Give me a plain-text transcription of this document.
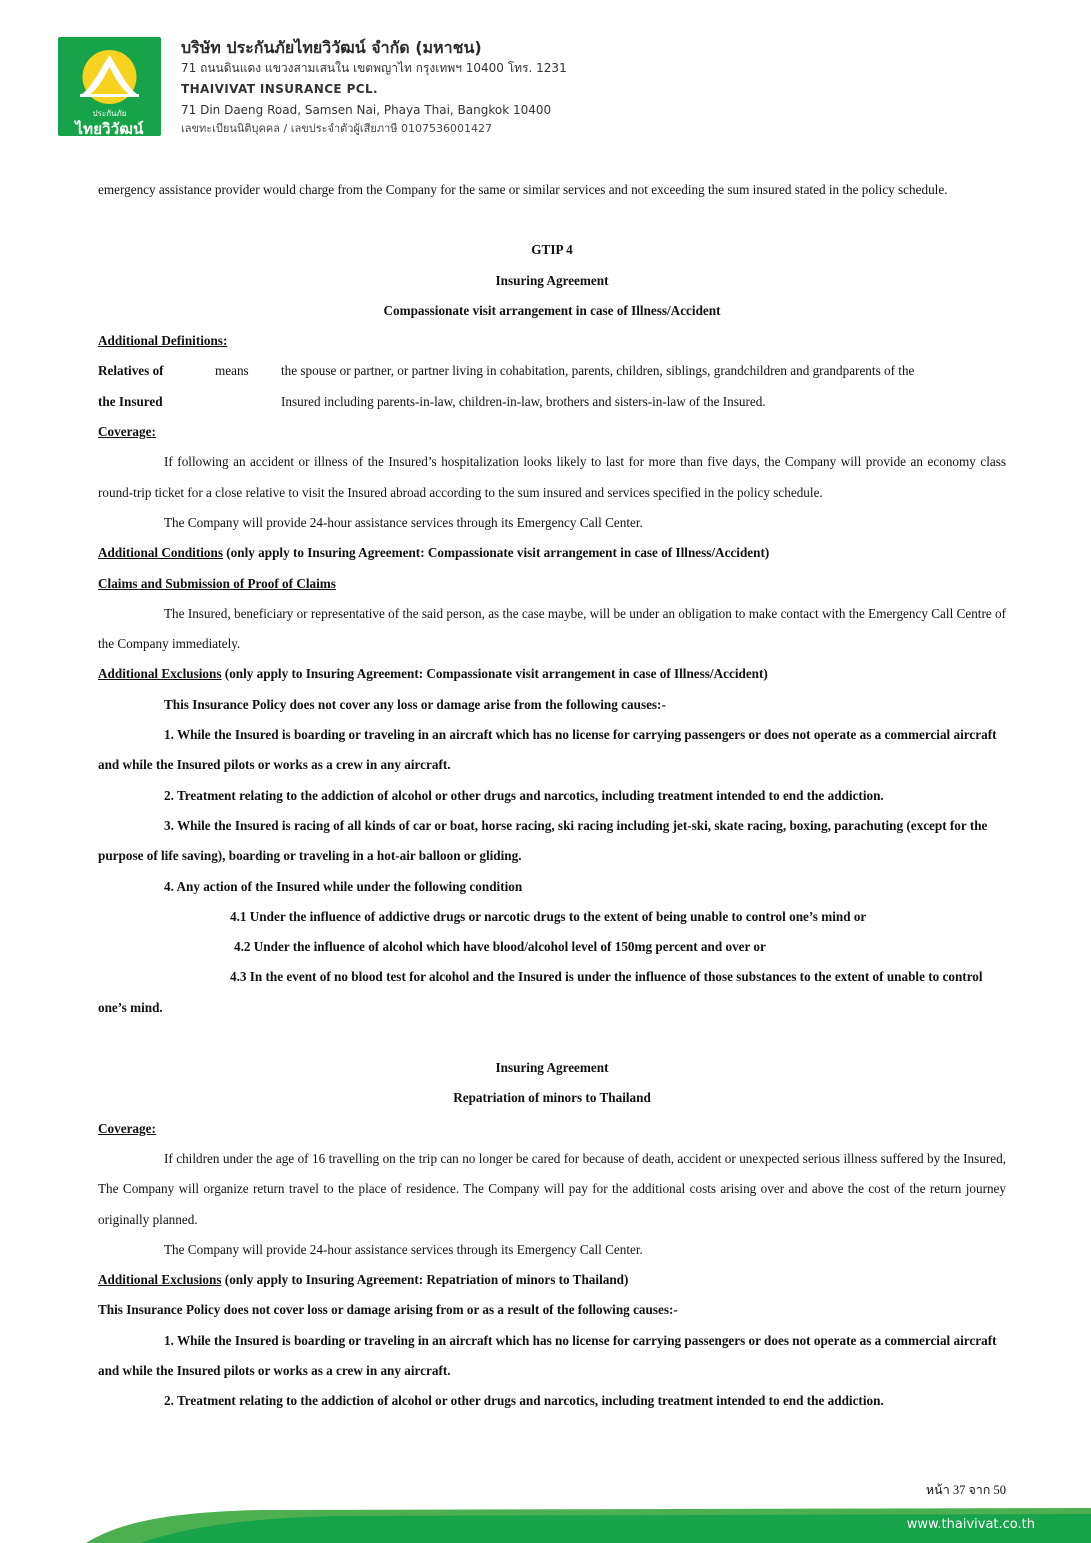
ประกันภัย
ไทยวิวัฒน์
บริษัท ประกันภัยไทยวิวัฒน์ จำกัด (มหาชน)
71 ถนนดินแดง แขวงสามเสนใน เขตพญาไท กรุงเทพฯ 10400 โทร. 1231
THAIVIVAT INSURANCE PCL.
71 Din Daeng Road, Samsen Nai, Phaya Thai, Bangkok 10400
เลขทะเบียนนิติบุคคล / เลขประจำตัวผู้เสียภาษี 0107536001427

emergency assistance provider would charge from the Company for the same or similar services and not exceeding the sum insured stated in the policy schedule.

GTIP 4

Insuring Agreement

Compassionate visit arrangement in case of Illness/Accident

Additional Definitions:

Relatives of	means	the spouse or partner, or partner living in cohabitation, parents, children, siblings, grandchildren and grandparents of the
the Insured	Insured including parents-in-law, children-in-law, brothers and sisters-in-law of the Insured.

Coverage:

If following an accident or illness of the Insured’s hospitalization looks likely to last for more than five days, the Company will provide an economy class round-trip ticket for a close relative to visit the Insured abroad according to the sum insured and services specified in the policy schedule.

The Company will provide 24-hour assistance services through its Emergency Call Center.

Additional Conditions (only apply to Insuring Agreement: Compassionate visit arrangement in case of Illness/Accident)

Claims and Submission of Proof of Claims

The Insured, beneficiary or representative of the said person, as the case maybe, will be under an obligation to make contact with the Emergency Call Centre of the Company immediately.

Additional Exclusions (only apply to Insuring Agreement: Compassionate visit arrangement in case of Illness/Accident)

This Insurance Policy does not cover any loss or damage arise from the following causes:-

1. While the Insured is boarding or traveling in an aircraft which has no license for carrying passengers or does not operate as a commercial aircraft and while the Insured pilots or works as a crew in any aircraft.

2. Treatment relating to the addiction of alcohol or other drugs and narcotics, including treatment intended to end the addiction.

3. While the Insured is racing of all kinds of car or boat, horse racing, ski racing including jet-ski, skate racing, boxing, parachuting (except for the purpose of life saving), boarding or traveling in a hot-air balloon or gliding.

4. Any action of the Insured while under the following condition

4.1 Under the influence of addictive drugs or narcotic drugs to the extent of being unable to control one’s mind or

4.2 Under the influence of alcohol which have blood/alcohol level of 150mg percent and over or

4.3 In the event of no blood test for alcohol and the Insured is under the influence of those substances to the extent of unable to control one’s mind.

Insuring Agreement

Repatriation of minors to Thailand

Coverage:

If children under the age of 16 travelling on the trip can no longer be cared for because of death, accident or unexpected serious illness suffered by the Insured, The Company will organize return travel to the place of residence. The Company will pay for the additional costs arising over and above the cost of the return journey originally planned.

The Company will provide 24-hour assistance services through its Emergency Call Center.

Additional Exclusions (only apply to Insuring Agreement: Repatriation of minors to Thailand)

This Insurance Policy does not cover loss or damage arising from or as a result of the following causes:-

1. While the Insured is boarding or traveling in an aircraft which has no license for carrying passengers or does not operate as a commercial aircraft and while the Insured pilots or works as a crew in any aircraft.

2. Treatment relating to the addiction of alcohol or other drugs and narcotics, including treatment intended to end the addiction.

หน้า 37 จาก 50
www.thaivivat.co.th
